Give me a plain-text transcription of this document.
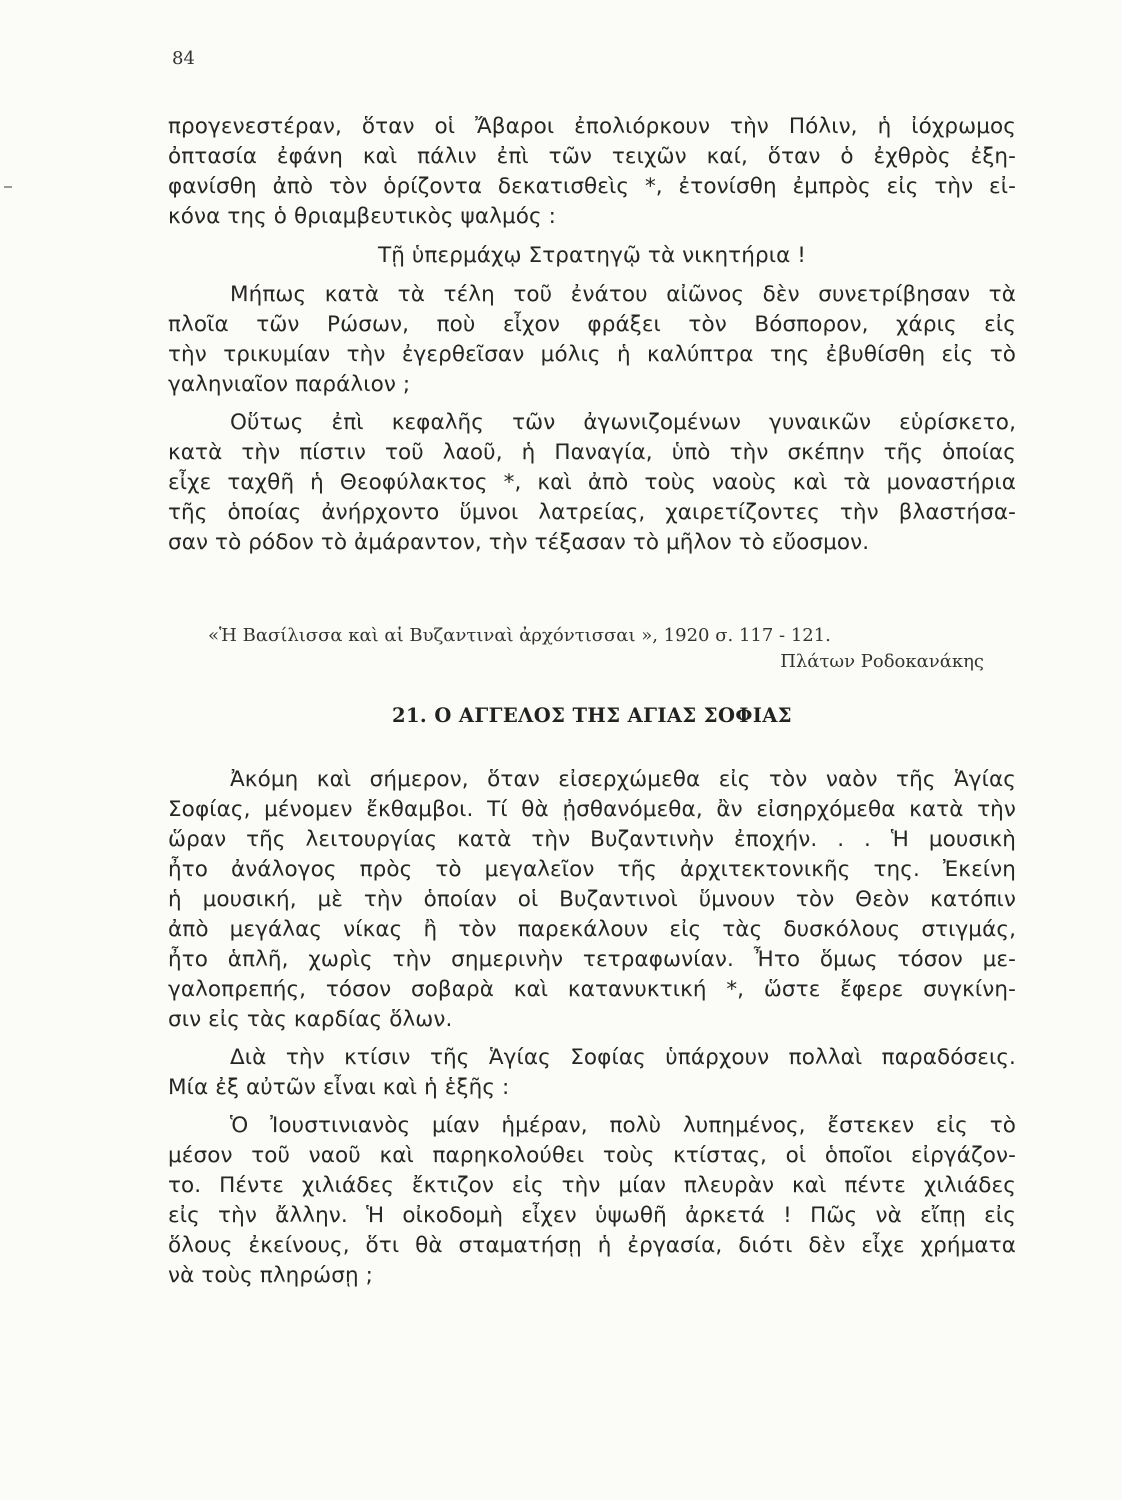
84

προγενεστέραν, ὅταν οἱ Ἄβαροι ἐπολιόρκουν τὴν Πόλιν, ἡ ἰόχρωμος

ὀπτασία ἐφάνη καὶ πάλιν ἐπὶ τῶν τειχῶν καί, ὅταν ὁ ἐχθρὸς ἐξη-

φανίσθη ἀπὸ τὸν ὁρίζοντα δεκατισθεὶς *, ἐτονίσθη ἐμπρὸς εἰς τὴν εἰ-

κόνα της ὁ θριαμβευτικὸς ψαλμός :

Τῇ ὑπερμάχῳ Στρατηγῷ τὰ νικητήρια !

Μήπως κατὰ τὰ τέλη τοῦ ἐνάτου αἰῶνος δὲν συνετρίβησαν τὰ

πλοῖα τῶν Ρώσων, ποὺ εἶχον φράξει τὸν Βόσπορον, χάρις εἰς

τὴν τρικυμίαν τὴν ἐγερθεῖσαν μόλις ἡ καλύπτρα της ἐβυθίσθη εἰς τὸ

γαληνιαῖον παράλιον ;

Οὕτως ἐπὶ κεφαλῆς τῶν ἀγωνιζομένων γυναικῶν εὑρίσκετο,

κατὰ τὴν πίστιν τοῦ λαοῦ, ἡ Παναγία, ὑπὸ τὴν σκέπην τῆς ὁποίας

εἶχε ταχθῆ ἡ Θεοφύλακτος *, καὶ ἀπὸ τοὺς ναοὺς καὶ τὰ μοναστήρια

τῆς ὁποίας ἀνήρχοντο ὕμνοι λατρείας, χαιρετίζοντες τὴν βλαστήσα-

σαν τὸ ρόδον τὸ ἀμάραντον, τὴν τέξασαν τὸ μῆλον τὸ εὔοσμον.

«Ἡ Βασίλισσα καὶ αἱ Βυζαντιναὶ ἀρχόντισσαι », 1920 σ. 117 - 121.

Πλάτων Ροδοκανάκης

21. Ο ΑΓΓΕΛΟΣ ΤΗΣ ΑΓΙΑΣ ΣΟΦΙΑΣ

Ἀκόμη καὶ σήμερον, ὅταν εἰσερχώμεθα εἰς τὸν ναὸν τῆς Ἁγίας

Σοφίας, μένομεν ἔκθαμβοι. Τί θὰ ᾐσθανόμεθα, ἂν εἰσηρχόμεθα κατὰ τὴν

ὥραν τῆς λειτουργίας κατὰ τὴν Βυζαντινὴν ἐποχήν. . . Ἡ μουσικὴ

ἦτο ἀνάλογος πρὸς τὸ μεγαλεῖον τῆς ἀρχιτεκτονικῆς της. Ἐκείνη

ἡ μουσική, μὲ τὴν ὁποίαν οἱ Βυζαντινοὶ ὕμνουν τὸν Θεὸν κατόπιν

ἀπὸ μεγάλας νίκας ἢ τὸν παρεκάλουν εἰς τὰς δυσκόλους στιγμάς,

ἦτο ἁπλῆ, χωρὶς τὴν σημερινὴν τετραφωνίαν. Ἦτο ὅμως τόσον με-

γαλοπρεπής, τόσον σοβαρὰ καὶ κατανυκτική *, ὥστε ἔφερε συγκίνη-

σιν εἰς τὰς καρδίας ὅλων.

Διὰ τὴν κτίσιν τῆς Ἁγίας Σοφίας ὑπάρχουν πολλαὶ παραδόσεις.

Μία ἐξ αὐτῶν εἶναι καὶ ἡ ἑξῆς :

Ὁ Ἰουστινιανὸς μίαν ἡμέραν, πολὺ λυπημένος, ἔστεκεν εἰς τὸ

μέσον τοῦ ναοῦ καὶ παρηκολούθει τοὺς κτίστας, οἱ ὁποῖοι εἰργάζον-

το. Πέντε χιλιάδες ἔκτιζον εἰς τὴν μίαν πλευρὰν καὶ πέντε χιλιάδες

εἰς τὴν ἄλλην. Ἡ οἰκοδομὴ εἶχεν ὑψωθῆ ἀρκετά ! Πῶς νὰ εἴπῃ εἰς

ὅλους ἐκείνους, ὅτι θὰ σταματήσῃ ἡ ἐργασία, διότι δὲν εἶχε χρήματα

νὰ τοὺς πληρώσῃ ;
